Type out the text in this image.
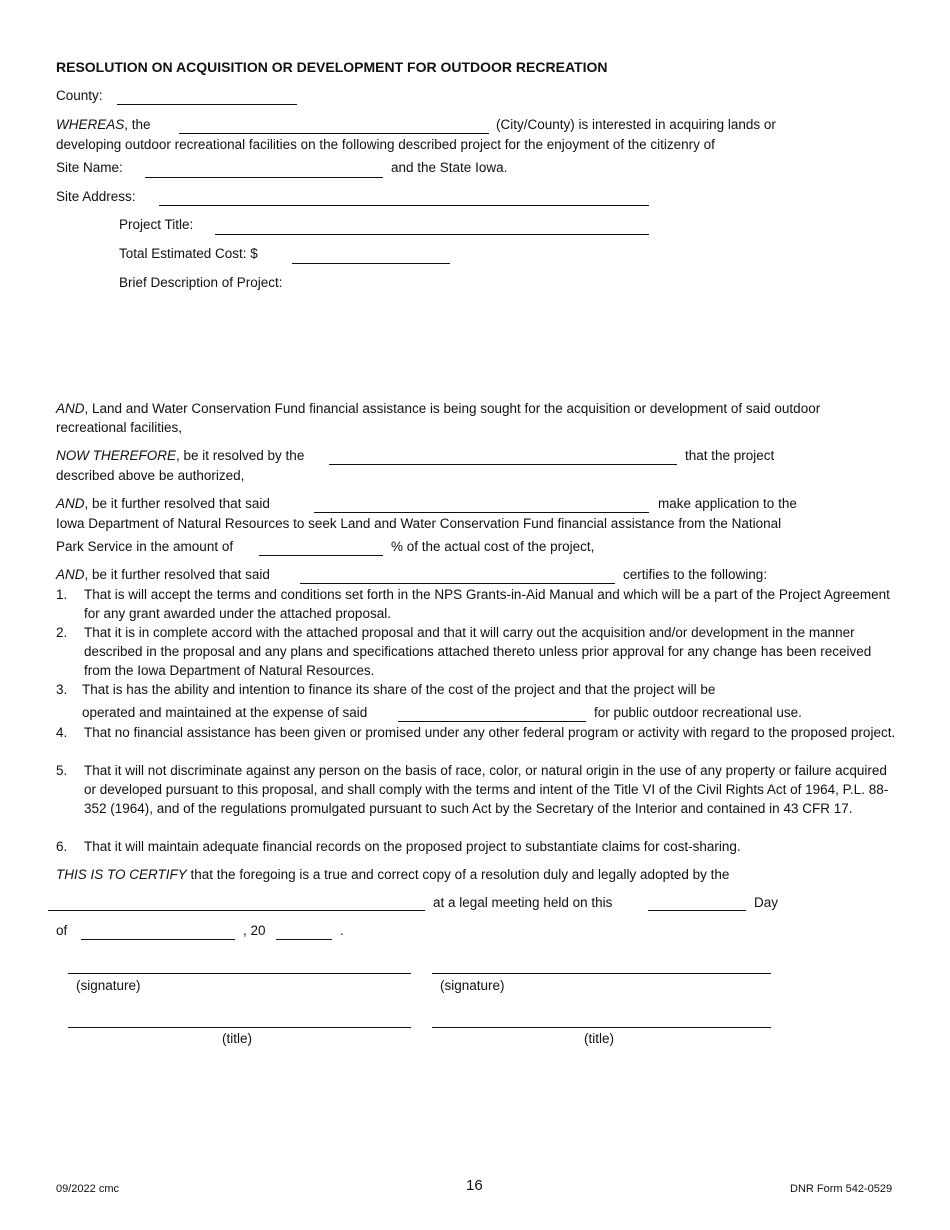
RESOLUTION ON ACQUISITION OR DEVELOPMENT FOR OUTDOOR RECREATION
County:
WHEREAS, the	(City/County) is interested in acquiring lands or
developing outdoor recreational facilities on the following described project for the enjoyment of the citizenry of
Site Name:	and the State Iowa.
Site Address:
Project Title:
Total Estimated Cost: $
Brief Description of Project:
AND, Land and Water Conservation Fund financial assistance is being sought for the acquisition or development of said outdoor
recreational facilities,
NOW THEREFORE, be it resolved by the	that the project
described above be authorized,
AND, be it further resolved that said	make application to the
Iowa Department of Natural Resources to seek Land and Water Conservation Fund financial assistance from the National
Park Service in the amount of	% of the actual cost of the project,
AND, be it further resolved that said	certifies to the following:
1. That is will accept the terms and conditions set forth in the NPS Grants-in-Aid Manual and which will be a part of the Project Agreement for any grant awarded under the attached proposal.
2. That it is in complete accord with the attached proposal and that it will carry out the acquisition and/or development in the manner described in the proposal and any plans and specifications attached thereto unless prior approval for any change has been received from the Iowa Department of Natural Resources.
3. That is has the ability and intention to finance its share of the cost of the project and that the project will be
operated and maintained at the expense of said	for public outdoor recreational use.
4. That no financial assistance has been given or promised under any other federal program or activity with regard to the proposed project.
5. That it will not discriminate against any person on the basis of race, color, or natural origin in the use of any property or failure acquired or developed pursuant to this proposal, and shall comply with the terms and intent of the Title VI of the Civil Rights Act of 1964, P.L. 88-352 (1964), and of the regulations promulgated pursuant to such Act by the Secretary of the Interior and contained in 43 CFR 17.
6. That it will maintain adequate financial records on the proposed project to substantiate claims for cost-sharing.
THIS IS TO CERTIFY that the foregoing is a true and correct copy of a resolution duly and legally adopted by the
at a legal meeting held on this	Day
of	, 20	.
(signature)	(signature)
(title)	(title)
09/2022 cmc	16	DNR Form 542-0529
